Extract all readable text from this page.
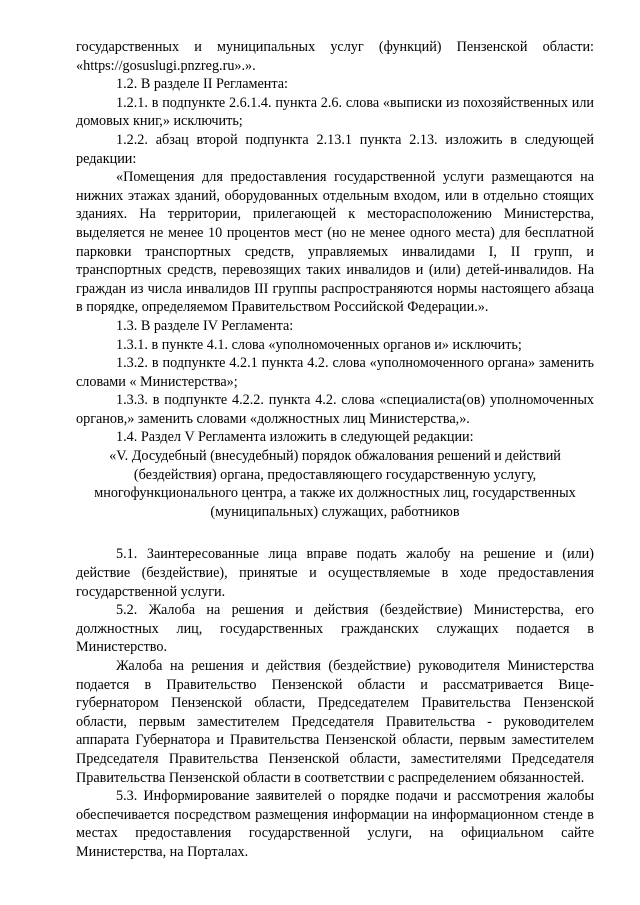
государственных и муниципальных услуг (функций) Пензенской области: «https://gosuslugi.pnzreg.ru».».

1.2. В разделе II Регламента:

1.2.1. в подпункте 2.6.1.4. пункта 2.6. слова «выписки из похозяйственных или домовых книг,» исключить;

1.2.2. абзац второй подпункта 2.13.1 пункта 2.13. изложить в следующей редакции:

«Помещения для предоставления государственной услуги размещаются на нижних этажах зданий, оборудованных отдельным входом, или в отдельно стоящих зданиях. На территории, прилегающей к месторасположению Министерства, выделяется не менее 10 процентов мест (но не менее одного места) для бесплатной парковки транспортных средств, управляемых инвалидами I, II групп, и транспортных средств, перевозящих таких инвалидов и (или) детей-инвалидов. На граждан из числа инвалидов III группы распространяются нормы настоящего абзаца в порядке, определяемом Правительством Российской Федерации.».

1.3. В разделе IV Регламента:

1.3.1. в пункте 4.1. слова «уполномоченных органов и» исключить;

1.3.2. в подпункте 4.2.1 пункта 4.2. слова «уполномоченного органа» заменить словами « Министерства»;

1.3.3. в подпункте 4.2.2. пункта 4.2. слова «специалиста(ов) уполномоченных органов,» заменить словами «должностных лиц Министерства,».

1.4. Раздел V Регламента изложить в следующей редакции:

«V. Досудебный (внесудебный) порядок обжалования решений и действий (бездействия) органа, предоставляющего государственную услугу, многофункционального центра, а также их должностных лиц, государственных (муниципальных) служащих, работников

5.1. Заинтересованные лица вправе подать жалобу на решение и (или) действие (бездействие), принятые и осуществляемые в ходе предоставления государственной услуги.

5.2. Жалоба на решения и действия (бездействие) Министерства, его должностных лиц, государственных гражданских служащих подается в Министерство.

Жалоба на решения и действия (бездействие) руководителя Министерства подается в Правительство Пензенской области и рассматривается Вице-губернатором Пензенской области, Председателем Правительства Пензенской области, первым заместителем Председателя Правительства - руководителем аппарата Губернатора и Правительства Пензенской области, первым заместителем Председателя Правительства Пензенской области, заместителями Председателя Правительства Пензенской области в соответствии с распределением обязанностей.

5.3. Информирование заявителей о порядке подачи и рассмотрения жалобы обеспечивается посредством размещения информации на информационном стенде в местах предоставления государственной услуги, на официальном сайте Министерства, на Порталах.
